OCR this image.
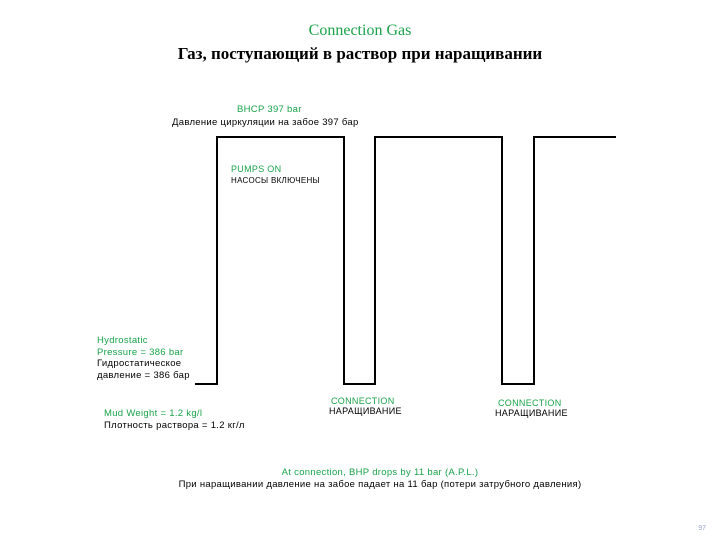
Connection Gas
Газ, поступающий в раствор при наращивании
BHCP 397 bar
Давление циркуляции на забое 397 бар
PUMPS ON
НАСОСЫ ВКЛЮЧЕНЫ
Hydrostatic
Pressure = 386 bar
Гидростатическое
давление = 386 бар
CONNECTION
НАРАЩИВАНИЕ
CONNECTION
НАРАЩИВАНИЕ
Mud Weight = 1.2 kg/l
Плотность раствора = 1.2 кг/л
At connection, BHP drops by 11 bar (A.P.L.)
При наращивании давление на забое падает на 11 бар (потери затрубного давления)
97
